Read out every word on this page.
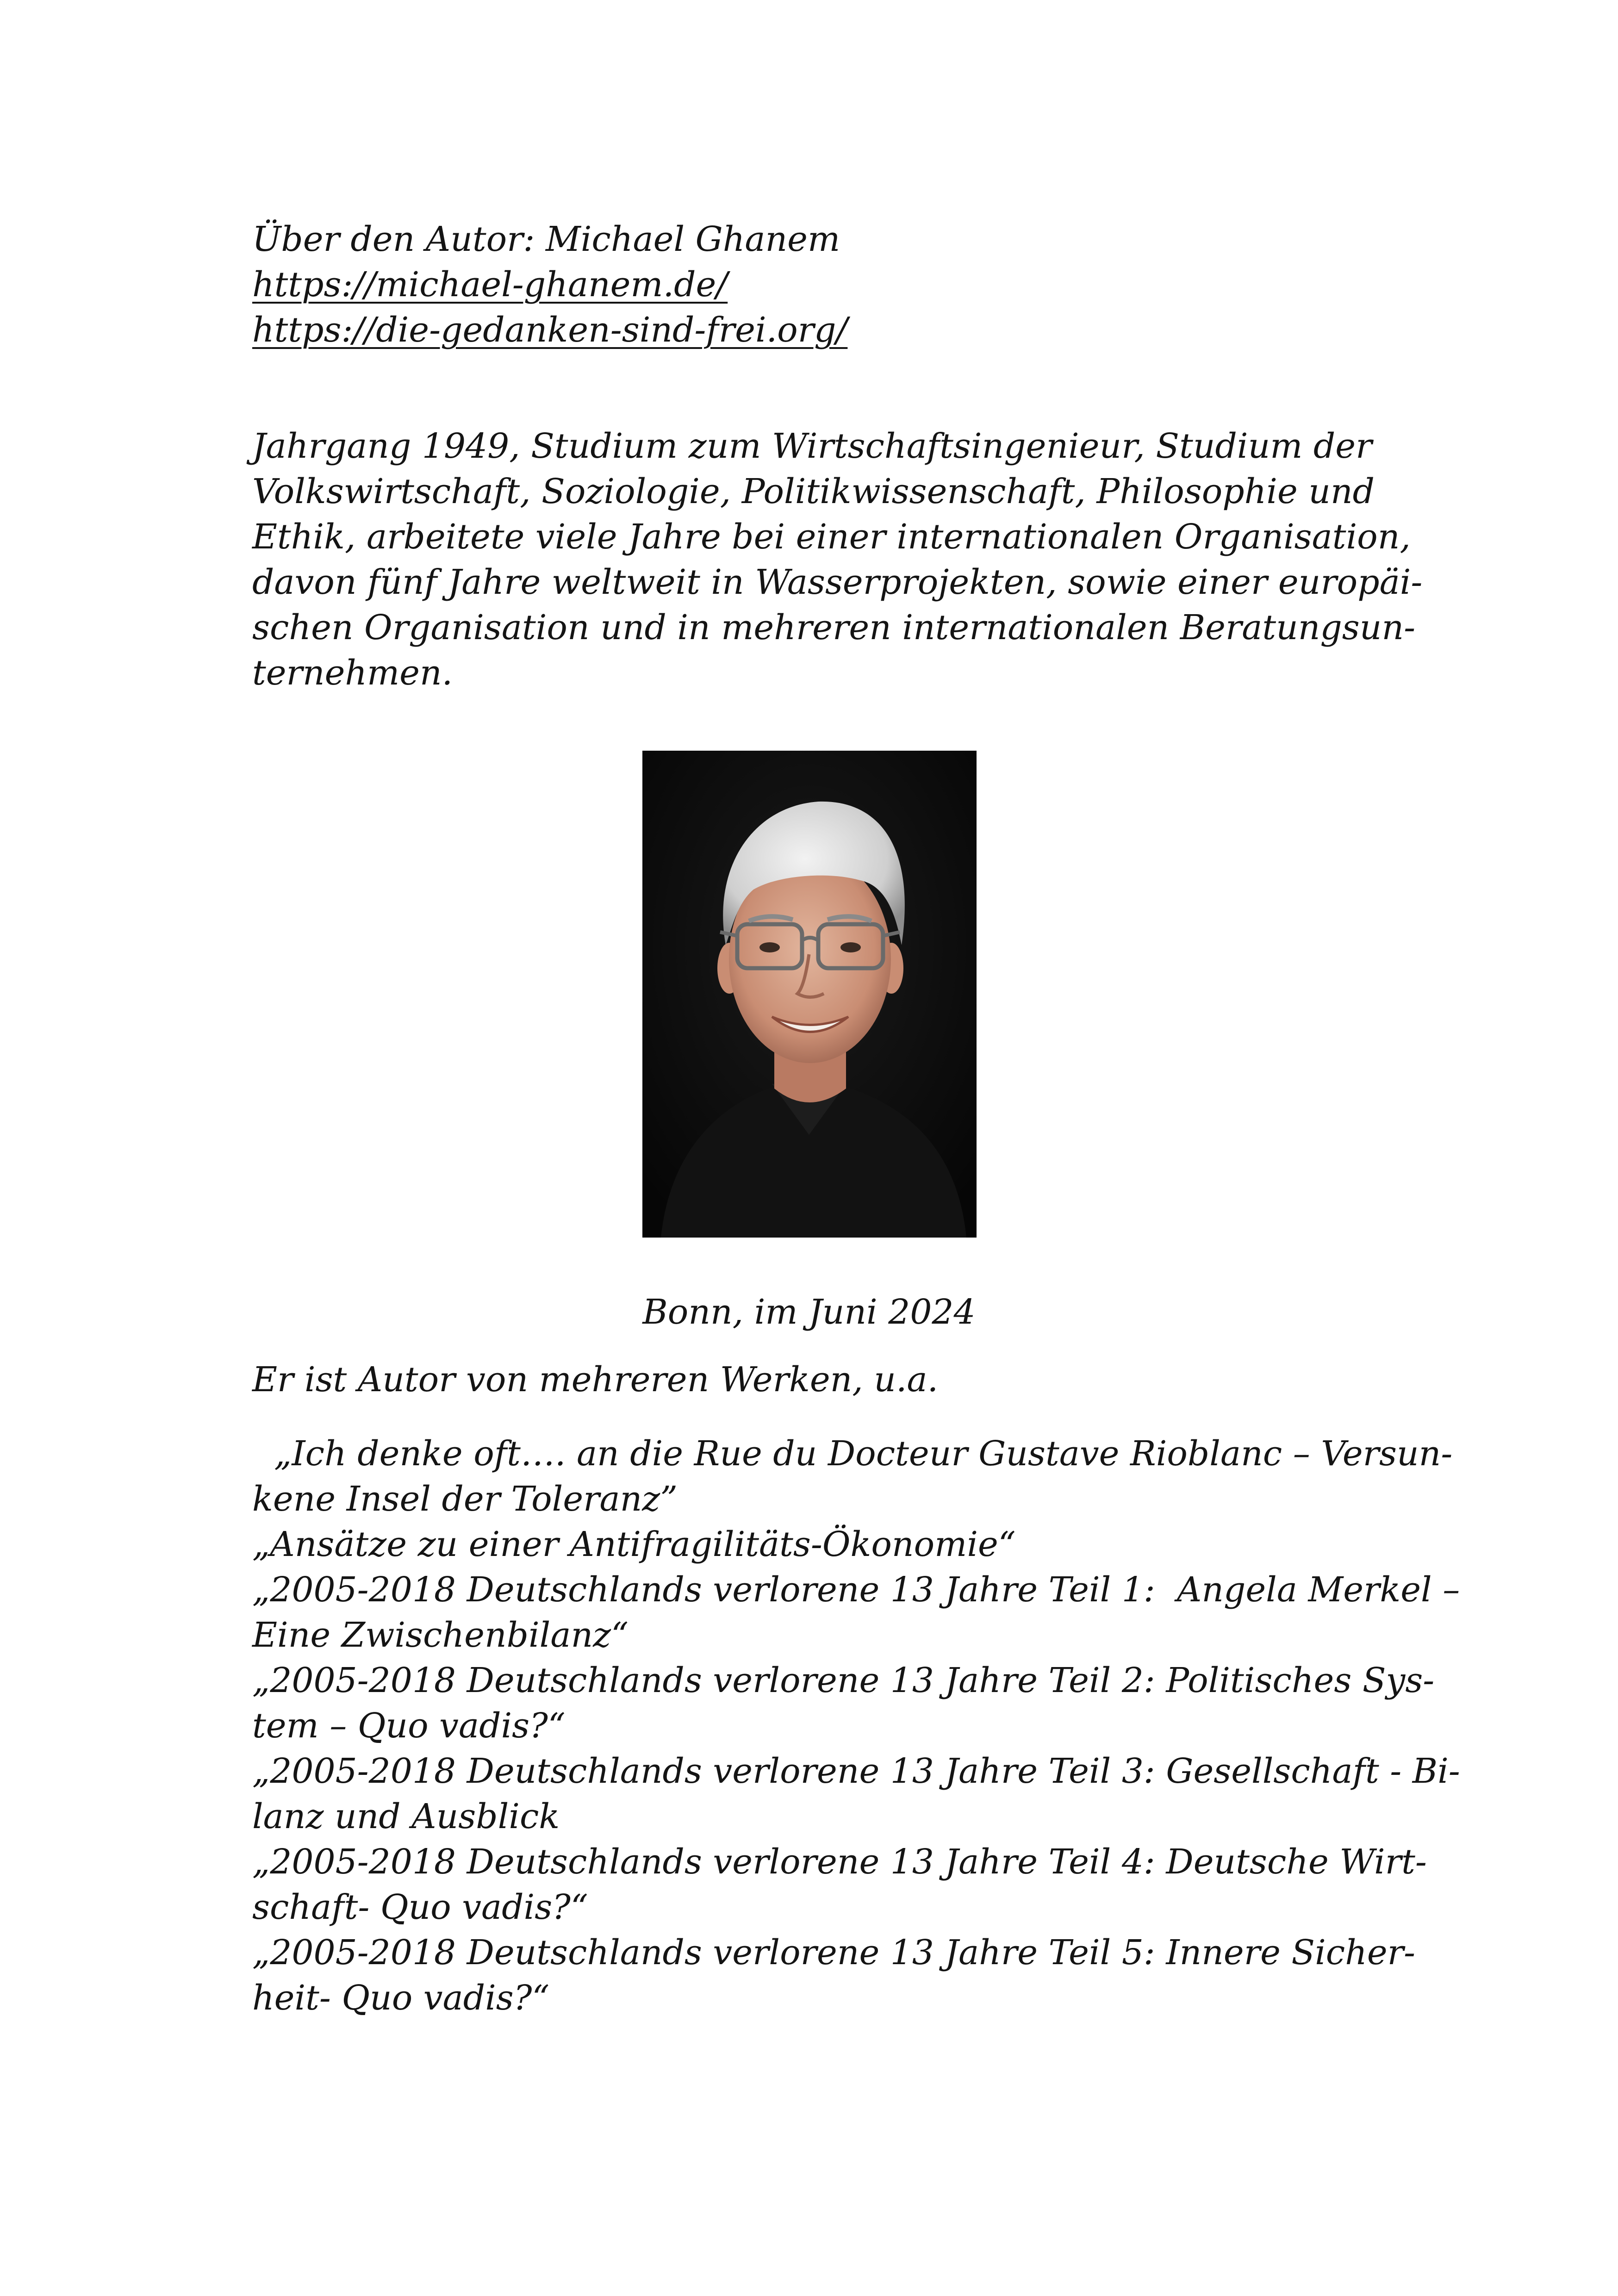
Über den Autor: Michael Ghanem
https://michael-ghanem.de/
https://die-gedanken-sind-frei.org/
Jahrgang 1949, Studium zum Wirtschaftsingenieur, Studium der
Volkswirtschaft, Soziologie, Politikwissenschaft, Philosophie und
Ethik, arbeitete viele Jahre bei einer internationalen Organisation,
davon fünf Jahre weltweit in Wasserprojekten, sowie einer europäi-
schen Organisation und in mehreren internationalen Beratungsun-
ternehmen.
Bonn, im Juni 2024
Er ist Autor von mehreren Werken, u.a.
„Ich denke oft…. an die Rue du Docteur Gustave Rioblanc – Versun-
kene Insel der Toleranz”
„Ansätze zu einer Antifragilitäts-Ökonomie“
„2005-2018 Deutschlands verlorene 13 Jahre Teil 1:  Angela Merkel –
Eine Zwischenbilanz“
„2005-2018 Deutschlands verlorene 13 Jahre Teil 2: Politisches Sys-
tem – Quo vadis?“
„2005-2018 Deutschlands verlorene 13 Jahre Teil 3: Gesellschaft - Bi-
lanz und Ausblick
„2005-2018 Deutschlands verlorene 13 Jahre Teil 4: Deutsche Wirt-
schaft- Quo vadis?“
„2005-2018 Deutschlands verlorene 13 Jahre Teil 5: Innere Sicher-
heit- Quo vadis?“
